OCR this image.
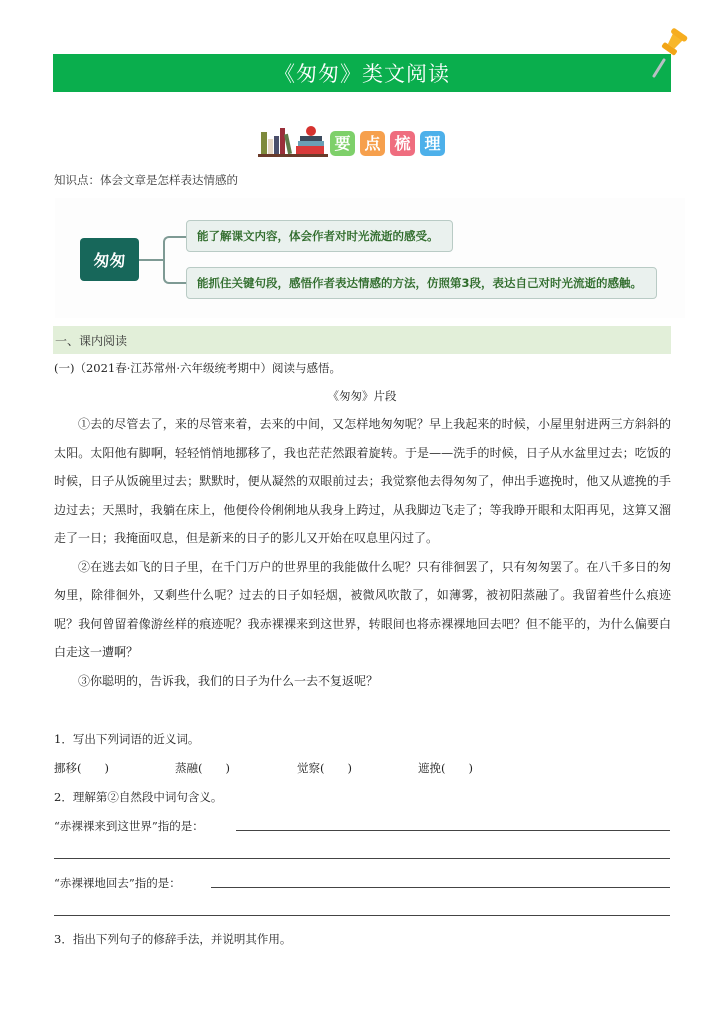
《匆匆》类文阅读
要 点 梳 理
知识点：体会文章是怎样表达情感的
匆匆
能了解课文内容，体会作者对时光流逝的感受。
能抓住关键句段，感悟作者表达情感的方法，仿照第3段，表达自己对时光流逝的感触。
一、课内阅读
(一)（2021春·江苏常州·六年级统考期中）阅读与感悟。
《匆匆》片段

①去的尽管去了，来的尽管来着，去来的中间，又怎样地匆匆呢？早上我起来的时候，小屋里射进两三方斜斜的太阳。太阳他有脚啊，轻轻悄悄地挪移了，我也茫茫然跟着旋转。于是——洗手的时候，日子从水盆里过去；吃饭的时候，日子从饭碗里过去；默默时，便从凝然的双眼前过去；我觉察他去得匆匆了，伸出手遮挽时，他又从遮挽的手边过去；天黑时，我躺在床上，他便伶伶俐俐地从我身上跨过，从我脚边飞走了；等我睁开眼和太阳再见，这算又溜走了一日；我掩面叹息，但是新来的日子的影儿又开始在叹息里闪过了。

②在逃去如飞的日子里，在千门万户的世界里的我能做什么呢？只有徘徊罢了，只有匆匆罢了。在八千多日的匆匆里，除徘徊外，又剩些什么呢？过去的日子如轻烟，被微风吹散了，如薄雾，被初阳蒸融了。我留着些什么痕迹呢？我何曾留着像游丝样的痕迹呢？我赤裸裸来到这世界，转眼间也将赤裸裸地回去吧？但不能平的，为什么偏要白白走这一遭啊？

③你聪明的，告诉我，我们的日子为什么一去不复返呢？

1．写出下列词语的近义词。
挪移(　　)	蒸融(　　)	觉察(　　)	遮挽(　　)
2．理解第②自然段中词句含义。
“赤裸裸来到这世界”指的是：
“赤裸裸地回去”指的是：
3．指出下列句子的修辞手法，并说明其作用。
